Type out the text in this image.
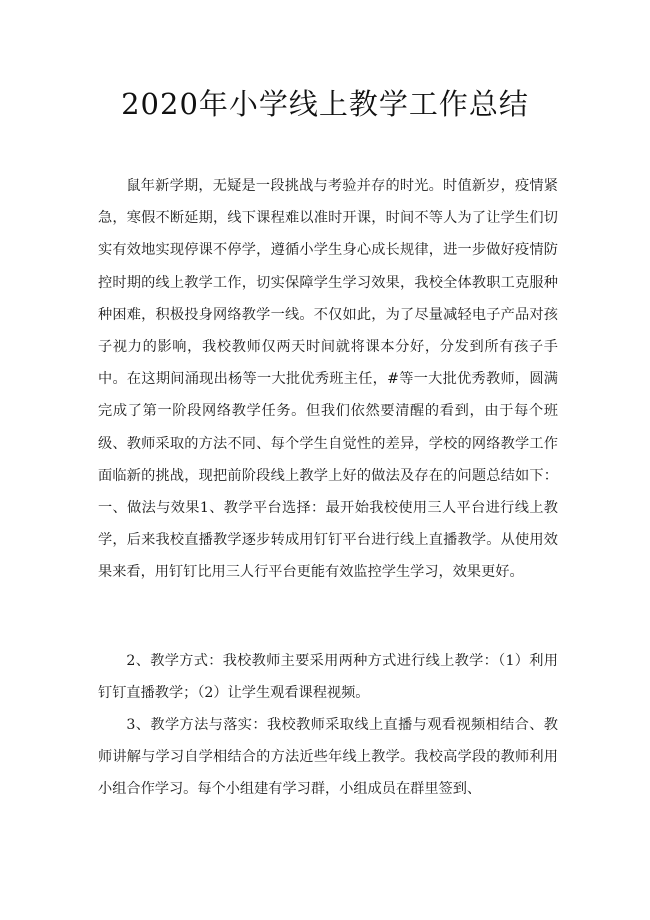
2020年小学线上教学工作总结

鼠年新学期，无疑是一段挑战与考验并存的时光。时值新岁，疫情紧急，寒假不断延期，线下课程难以准时开课，时间不等人为了让学生们切实有效地实现停课不停学，遵循小学生身心成长规律，进一步做好疫情防控时期的线上教学工作，切实保障学生学习效果，我校全体教职工克服种种困难，积极投身网络教学一线。不仅如此，为了尽量减轻电子产品对孩子视力的影响，我校教师仅两天时间就将课本分好，分发到所有孩子手中。在这期间涌现出杨等一大批优秀班主任，#等一大批优秀教师，圆满完成了第一阶段网络教学任务。但我们依然要清醒的看到，由于每个班级、教师采取的方法不同、每个学生自觉性的差异，学校的网络教学工作面临新的挑战，现把前阶段线上教学上好的做法及存在的问题总结如下：一、做法与效果1、教学平台选择：最开始我校使用三人平台进行线上教学，后来我校直播教学逐步转成用钉钉平台进行线上直播教学。从使用效果来看，用钉钉比用三人行平台更能有效监控学生学习，效果更好。

2、教学方式：我校教师主要采用两种方式进行线上教学：（1）利用钉钉直播教学；（2）让学生观看课程视频。

3、教学方法与落实：我校教师采取线上直播与观看视频相结合、教师讲解与学习自学相结合的方法近些年线上教学。我校高学段的教师利用小组合作学习。每个小组建有学习群，小组成员在群里签到、
